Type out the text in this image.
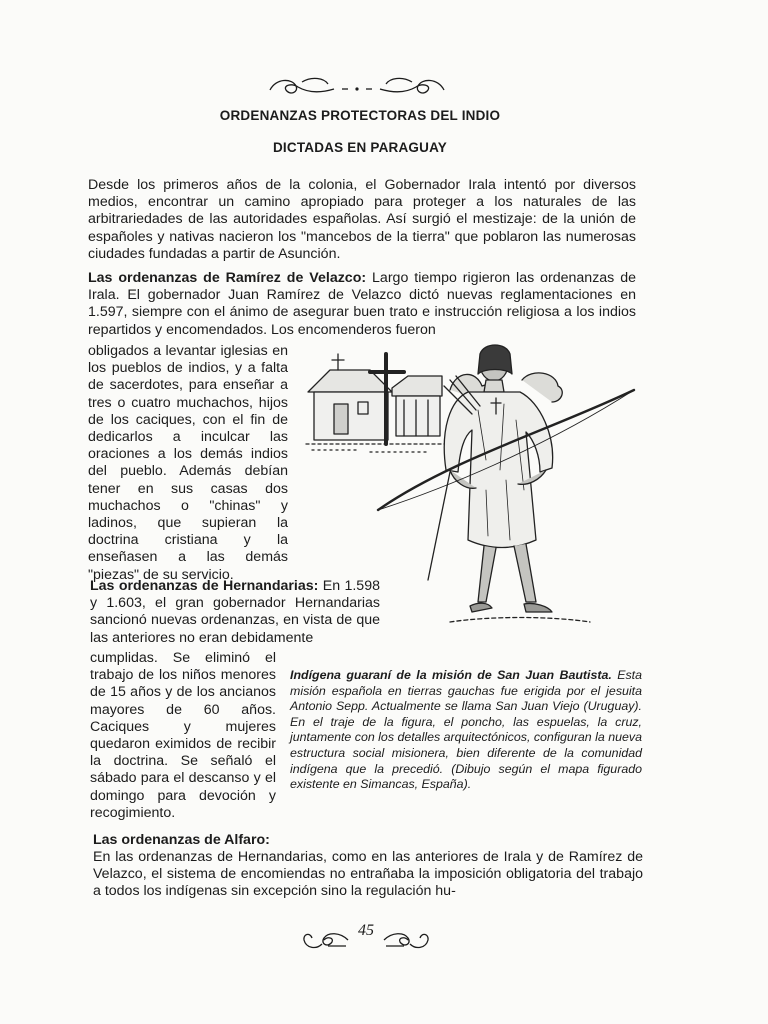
ORDENANZAS PROTECTORAS DEL INDIO
DICTADAS EN PARAGUAY

Desde los primeros años de la colonia, el Gobernador Irala intentó por diversos medios, encontrar un camino apropiado para proteger a los naturales de las arbitrariedades de las autoridades españolas. Así surgió el mestizaje: de la unión de españoles y nativas nacieron los "mancebos de la tierra" que poblaron las numerosas ciudades fundadas a partir de Asunción.

Las ordenanzas de Ramírez de Velazco: Largo tiempo rigieron las ordenanzas de Irala. El gobernador Juan Ramírez de Velazco dictó nuevas reglamentaciones en 1.597, siempre con el ánimo de asegurar buen trato e instrucción religiosa a los indios repartidos y encomendados. Los encomenderos fueron

obligados a levantar iglesias en los pueblos de indios, y a falta de sacerdotes, para enseñar a tres o cuatro muchachos, hijos de los caciques, con el fin de dedicarlos a inculcar las oraciones a los demás indios del pueblo. Además debían tener en sus casas dos muchachos o "chinas" y ladinos, que supieran la doctrina cristiana y la enseñasen a las demás "piezas" de su servicio.

Las ordenanzas de Hernandarias: En 1.598 y 1.603, el gran gobernador Hernandarias sancionó nuevas ordenanzas, en vista de que las anteriores no eran debidamente

cumplidas. Se eliminó el trabajo de los niños menores de 15 años y de los ancianos mayores de 60 años. Caciques y mujeres quedaron eximidos de recibir la doctrina. Se señaló el sábado para el descanso y el domingo para devoción y recogimiento.

Indígena guaraní de la misión de San Juan Bautista. Esta misión española en tierras gauchas fue erigida por el jesuita Antonio Sepp. Actualmente se llama San Juan Viejo (Uruguay). En el traje de la figura, el poncho, las espuelas, la cruz, juntamente con los detalles arquitectónicos, configuran la nueva estructura social misionera, bien diferente de la comunidad indígena que la precedió. (Dibujo según el mapa figurado existente en Simancas, España).

Las ordenanzas de Alfaro:

En las ordenanzas de Hernandarias, como en las anteriores de Irala y de Ramírez de Velazco, el sistema de encomiendas no entrañaba la imposición obligatoria del trabajo a todos los indígenas sin excepción sino la regulación hu-

45
